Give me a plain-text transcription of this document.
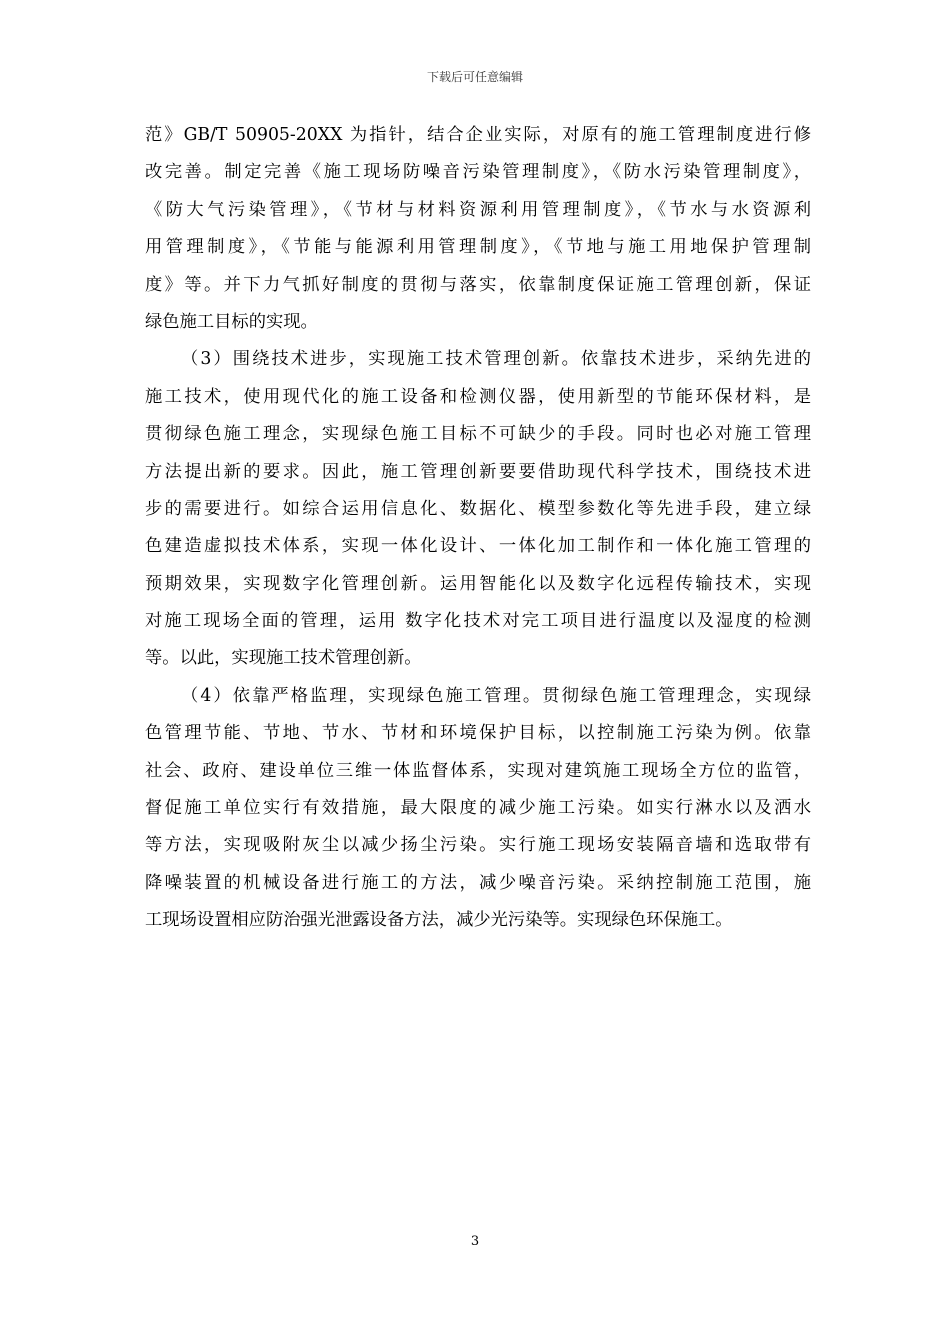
下载后可任意编辑
范》GB/T 50905-20XX 为指针，结合企业实际，对原有的施工管理制度进行修
改完善。制定完善《施工现场防噪音污染管理制度》，《防水污染管理制度》，
《防大气污染管理》，《节材与材料资源利用管理制度》，《节水与水资源利
用管理制度》，《节能与能源利用管理制度》，《节地与施工用地保护管理制
度》等。并下力气抓好制度的贯彻与落实，依靠制度保证施工管理创新，保证
绿色施工目标的实现。
（3）围绕技术进步，实现施工技术管理创新。依靠技术进步，采纳先进的
施工技术，使用现代化的施工设备和检测仪器，使用新型的节能环保材料，是
贯彻绿色施工理念，实现绿色施工目标不可缺少的手段。同时也必对施工管理
方法提出新的要求。因此，施工管理创新要要借助现代科学技术，围绕技术进
步的需要进行。如综合运用信息化、数据化、模型参数化等先进手段，建立绿
色建造虚拟技术体系，实现一体化设计、一体化加工制作和一体化施工管理的
预期效果，实现数字化管理创新。运用智能化以及数字化远程传输技术，实现
对施工现场全面的管理，运用 数字化技术对完工项目进行温度以及湿度的检测
等。以此，实现施工技术管理创新。
（4）依靠严格监理，实现绿色施工管理。贯彻绿色施工管理理念，实现绿
色管理节能、节地、节水、节材和环境保护目标，以控制施工污染为例。依靠
社会、政府、建设单位三维一体监督体系，实现对建筑施工现场全方位的监管，
督促施工单位实行有效措施，最大限度的减少施工污染。如实行淋水以及洒水
等方法，实现吸附灰尘以减少扬尘污染。实行施工现场安装隔音墙和选取带有
降噪装置的机械设备进行施工的方法，减少噪音污染。采纳控制施工范围，施
工现场设置相应防治强光泄露设备方法，减少光污染等。实现绿色环保施工。
3
